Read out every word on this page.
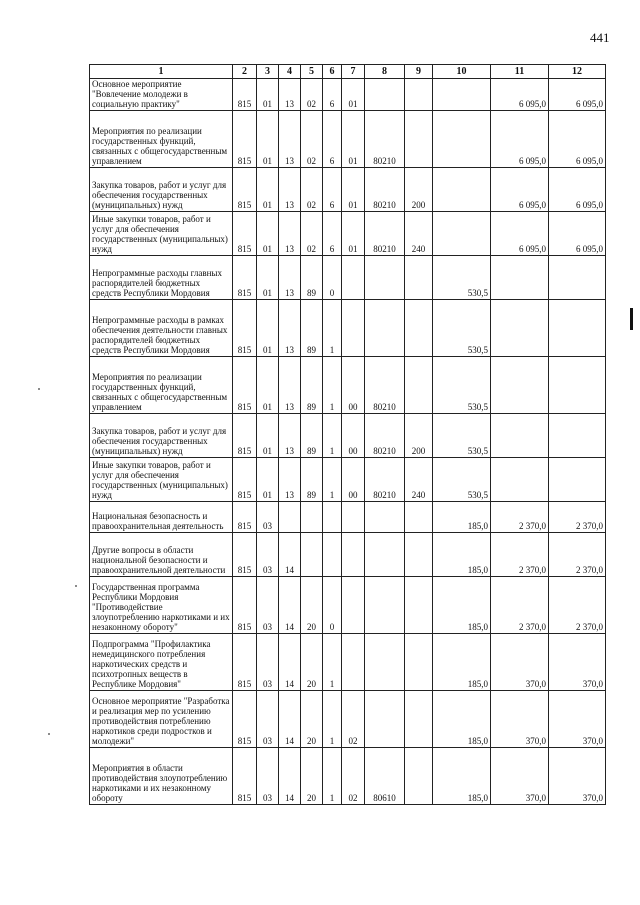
441
1	2	3	4	5	6	7	8	9	10	11	12
Основное мероприятие "Вовлечение молодежи в социальную практику"	815	01	13	02	6	01				6 095,0	6 095,0
Мероприятия по реализации государственных функций, связанных с общегосударственным управлением	815	01	13	02	6	01	80210			6 095,0	6 095,0
Закупка товаров, работ и услуг для обеспечения государственных (муниципальных) нужд	815	01	13	02	6	01	80210	200		6 095,0	6 095,0
Иные закупки товаров, работ и услуг для обеспечения государственных (муниципальных) нужд	815	01	13	02	6	01	80210	240		6 095,0	6 095,0
Непрограммные расходы главных распорядителей бюджетных средств Республики Мордовия	815	01	13	89	0				530,5		
Непрограммные расходы в рамках обеспечения деятельности главных распорядителей бюджетных средств Республики Мордовия	815	01	13	89	1				530,5		
Мероприятия по реализации государственных функций, связанных с общегосударственным управлением	815	01	13	89	1	00	80210		530,5		
Закупка товаров, работ и услуг для обеспечения государственных (муниципальных) нужд	815	01	13	89	1	00	80210	200	530,5		
Иные закупки товаров, работ и услуг для обеспечения государственных (муниципальных) нужд	815	01	13	89	1	00	80210	240	530,5		
Национальная безопасность и правоохранительная деятельность	815	03							185,0	2 370,0	2 370,0
Другие вопросы в области национальной безопасности и правоохранительной деятельности	815	03	14						185,0	2 370,0	2 370,0
Государственная программа Республики Мордовия "Противодействие злоупотреблению наркотиками и их незаконному обороту"	815	03	14	20	0				185,0	2 370,0	2 370,0
Подпрограмма "Профилактика немедицинского потребления наркотических средств и психотропных веществ в Республике Мордовия"	815	03	14	20	1				185,0	370,0	370,0
Основное мероприятие "Разработка и реализация мер по усилению противодействия потреблению наркотиков среди подростков и молодежи"	815	03	14	20	1	02			185,0	370,0	370,0
Мероприятия в области противодействия злоупотреблению наркотиками и их незаконному обороту	815	03	14	20	1	02	80610		185,0	370,0	370,0
